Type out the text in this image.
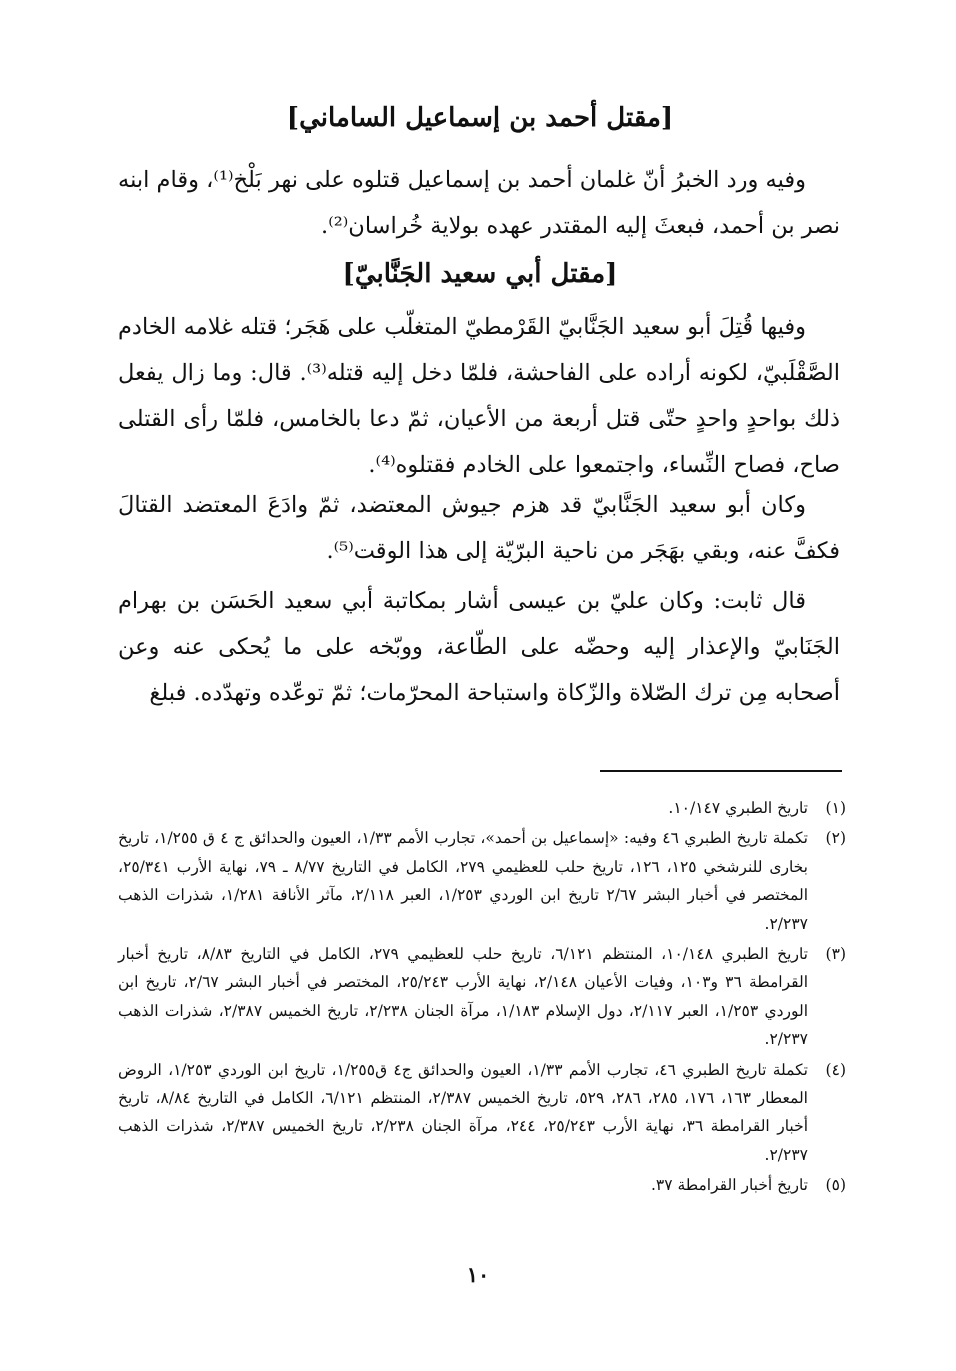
[مقتل أحمد بن إسماعيل الساماني]

وفيه ورد الخبرُ أنّ غلمان أحمد بن إسماعيل قتلوه على نهر بَلْخ⁽¹⁾، وقام ابنه نصر بن أحمد، فبعثَ إليه المقتدر عهده بولاية خُراسان⁽²⁾.

[مقتل أبي سعيد الجَنَّابيّ]

وفيها قُتِلَ أبو سعيد الجَنَّابيّ القَرْمطيّ المتغلّب على هَجَر؛ قتله غلامه الخادم الصَّقْلَبيّ، لكونه أراده على الفاحشة، فلمّا دخل إليه قتله⁽³⁾. قال: وما زال يفعل ذلك بواحدٍ واحدٍ حتّى قتل أربعة من الأعيان، ثمّ دعا بالخامس، فلمّا رأى القتلى صاح، فصاح النِّساء، واجتمعوا على الخادم فقتلوه⁽⁴⁾.

وكان أبو سعيد الجَنَّابيّ قد هزم جيوش المعتضد، ثمّ وادَعَ المعتضد القتالَ فكفَّ عنه، وبقي بهَجَر من ناحية البرّيّة إلى هذا الوقت⁽⁵⁾.

قال ثابت: وكان عليّ بن عيسى أشار بمكاتبة أبي سعيد الحَسَن بن بهرام الجَنَابيّ والإعذار إليه وحضّه على الطّاعة، ووبّخه على ما يُحكى عنه وعن أصحابه مِن ترك الصّلاة والزّكاة واستباحة المحرّمات؛ ثمّ توعّده وتهدّده. فبلغ

(١)
تاريخ الطبري ١٠/١٤٧.
(٢)
تكملة تاريخ الطبري ٤٦ وفيه: «إسماعيل بن أحمد»، تجارب الأمم ١/٣٣، العيون والحدائق ج ٤ ق ١/٢٥٥، تاريخ بخارى للنرشخي ١٢٥، ١٢٦، تاريخ حلب للعظيمي ٢٧٩، الكامل في التاريخ ٨/٧٧ ـ ٧٩، نهاية الأرب ٢٥/٣٤١، المختصر في أخبار البشر ٢/٦٧ تاريخ ابن الوردي ١/٢٥٣، العبر ٢/١١٨، مآثر الأنافة ١/٢٨١، شذرات الذهب ٢/٢٣٧.
(٣)
تاريخ الطبري ١٠/١٤٨، المنتظم ٦/١٢١، تاريخ حلب للعظيمي ٢٧٩، الكامل في التاريخ ٨/٨٣، تاريخ أخبار القرامطة ٣٦ و١٠٣، وفيات الأعيان ٢/١٤٨، نهاية الأرب ٢٥/٢٤٣، المختصر في أخبار البشر ٢/٦٧، تاريخ ابن الوردي ١/٢٥٣، العبر ٢/١١٧، دول الإسلام ١/١٨٣، مرآة الجنان ٢/٢٣٨، تاريخ الخميس ٢/٣٨٧، شذرات الذهب ٢/٢٣٧.
(٤)
تكملة تاريخ الطبري ٤٦، تجارب الأمم ١/٣٣، العيون والحدائق ج٤ ق١/٢٥٥، تاريخ ابن الوردي ١/٢٥٣، الروض المعطار ١٦٣، ١٧٦، ٢٨٥، ٢٨٦، ٥٢٩، تاريخ الخميس ٢/٣٨٧، المنتظم ٦/١٢١، الكامل في التاريخ ٨/٨٤، تاريخ أخبار القرامطة ٣٦، نهاية الأرب ٢٥/٢٤٣، ٢٤٤، مرآة الجنان ٢/٢٣٨، تاريخ الخميس ٢/٣٨٧، شذرات الذهب ٢/٢٣٧.
(٥)
تاريخ أخبار القرامطة ٣٧.
١٠
